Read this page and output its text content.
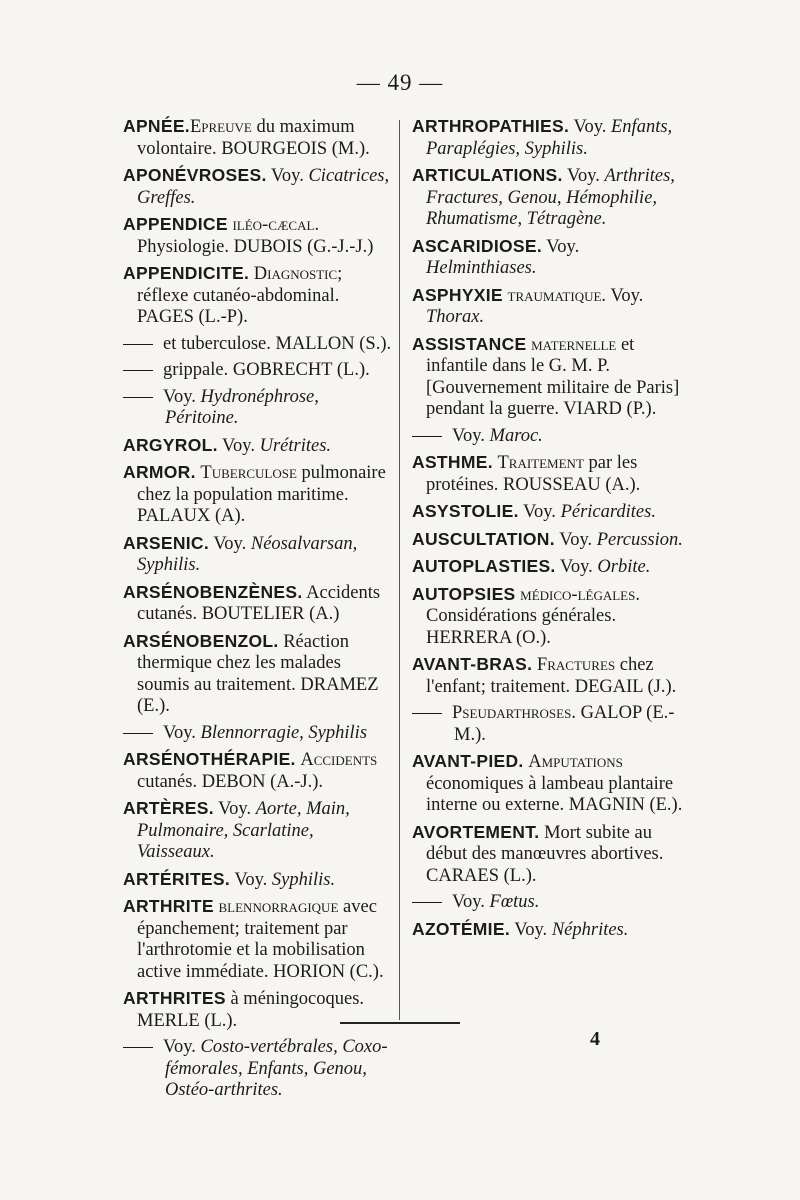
— 49 —
APNÉE.Epreuve du maximum volontaire. BOURGEOIS (M.).
APONÉVROSES. Voy. Cicatrices, Greffes.
APPENDICE iléo-cæcal. Physiologie. DUBOIS (G.-J.-J.)
APPENDICITE. Diagnostic; réflexe cutanéo-abdominal. PAGES (L.-P).
et tuberculose. MALLON (S.).
grippale. GOBRECHT (L.).
Voy. Hydronéphrose, Péritoine.
ARGYROL. Voy. Urétrites.
ARMOR. Tuberculose pulmonaire chez la population maritime. PALAUX (A).
ARSENIC. Voy. Néosalvarsan, Syphilis.
ARSÉNOBENZÈNES. Accidents cutanés. BOUTELIER (A.)
ARSÉNOBENZOL. Réaction thermique chez les malades soumis au traitement. DRAMEZ (E.).
Voy. Blennorragie, Syphilis
ARSÉNOTHÉRAPIE. Accidents cutanés. DEBON (A.-J.).
ARTÈRES. Voy. Aorte, Main, Pulmonaire, Scarlatine, Vaisseaux.
ARTÉRITES. Voy. Syphilis.
ARTHRITE blennorragique avec épanchement; traitement par l'arthrotomie et la mobilisation active immédiate. HORION (C.).
ARTHRITES à méningocoques. MERLE (L.).
Voy. Costo-vertébrales, Coxo-fémorales, Enfants, Genou, Ostéo-arthrites.
ARTHROPATHIES. Voy. Enfants, Paraplégies, Syphilis.
ARTICULATIONS. Voy. Arthrites, Fractures, Genou, Hémophilie, Rhumatisme, Tétragène.
ASCARIDIOSE. Voy. Helminthiases.
ASPHYXIE traumatique. Voy. Thorax.
ASSISTANCE maternelle et infantile dans le G. M. P. [Gouvernement militaire de Paris] pendant la guerre. VIARD (P.).
Voy. Maroc.
ASTHME. Traitement par les protéines. ROUSSEAU (A.).
ASYSTOLIE. Voy. Péricardites.
AUSCULTATION. Voy. Percussion.
AUTOPLASTIES. Voy. Orbite.
AUTOPSIES médico-légales. Considérations générales. HERRERA (O.).
AVANT-BRAS. Fractures chez l'enfant; traitement. DEGAIL (J.).
Pseudarthroses. GALOP (E.-M.).
AVANT-PIED. Amputations économiques à lambeau plantaire interne ou externe. MAGNIN (E.).
AVORTEMENT. Mort subite au début des manœuvres abortives. CARAES (L.).
Voy. Fœtus.
AZOTÉMIE. Voy. Néphrites.
4
